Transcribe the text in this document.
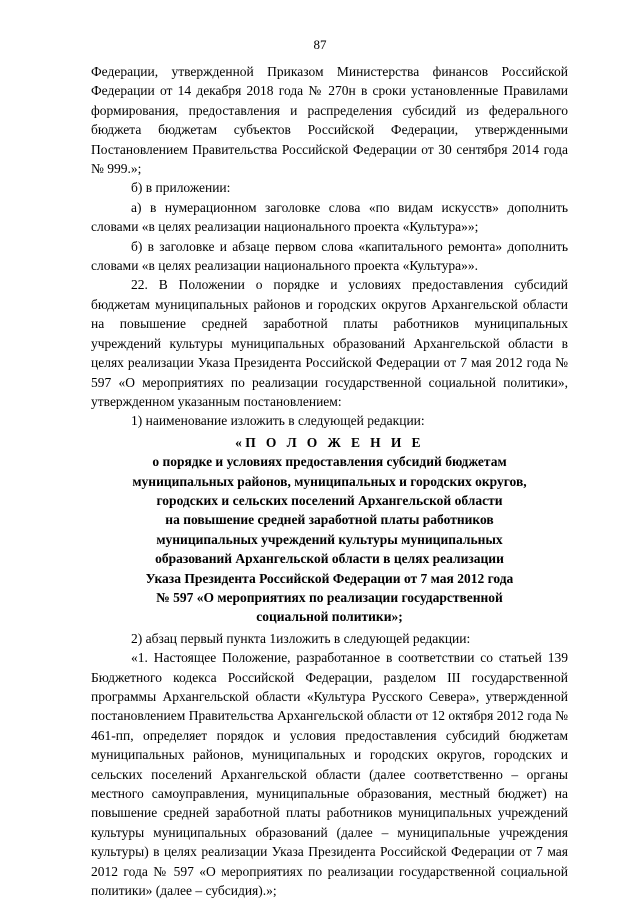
87

Федерации, утвержденной Приказом Министерства финансов Российской Федерации от 14 декабря 2018 года № 270н в сроки установленные Правилами формирования, предоставления и распределения субсидий из федерального бюджета бюджетам субъектов Российской Федерации, утвержденными Постановлением Правительства Российской Федерации от 30 сентября 2014 года № 999.»;

б) в приложении:

а) в нумерационном заголовке слова «по видам искусств» дополнить словами «в целях реализации национального проекта «Культура»»;

б) в заголовке и абзаце первом слова «капитального ремонта» дополнить словами «в целях реализации национального проекта «Культура»».

22. В Положении о порядке и условиях предоставления субсидий бюджетам муниципальных районов и городских округов Архангельской области на повышение средней заработной платы работников муниципальных учреждений культуры муниципальных образований Архангельской области в целях реализации Указа Президента Российской Федерации от 7 мая 2012 года № 597 «О мероприятиях по реализации государственной социальной политики», утвержденном указанным постановлением:

1) наименование изложить в следующей редакции:

«П О Л О Ж Е Н И Е
о порядке и условиях предоставления субсидий бюджетам
муниципальных районов, муниципальных и городских округов,
городских и сельских поселений Архангельской области
на повышение средней заработной платы работников
муниципальных учреждений культуры муниципальных
образований Архангельской области в целях реализации
Указа Президента Российской Федерации от 7 мая 2012 года
№ 597 «О мероприятиях по реализации государственной
социальной политики»;

2) абзац первый пункта 1изложить в следующей редакции:

«1. Настоящее Положение, разработанное в соответствии со статьей 139 Бюджетного кодекса Российской Федерации, разделом III государственной программы Архангельской области «Культура Русского Севера», утвержденной постановлением Правительства Архангельской области от 12 октября 2012 года № 461-пп, определяет порядок и условия предоставления субсидий бюджетам муниципальных районов, муниципальных и городских округов, городских и сельских поселений Архангельской области (далее соответственно – органы местного самоуправления, муниципальные образования, местный бюджет) на повышение средней заработной платы работников муниципальных учреждений культуры муниципальных образований (далее – муниципальные учреждения культуры) в целях реализации Указа Президента Российской Федерации от 7 мая 2012 года № 597 «О мероприятиях по реализации государственной социальной политики» (далее – субсидия).»;
